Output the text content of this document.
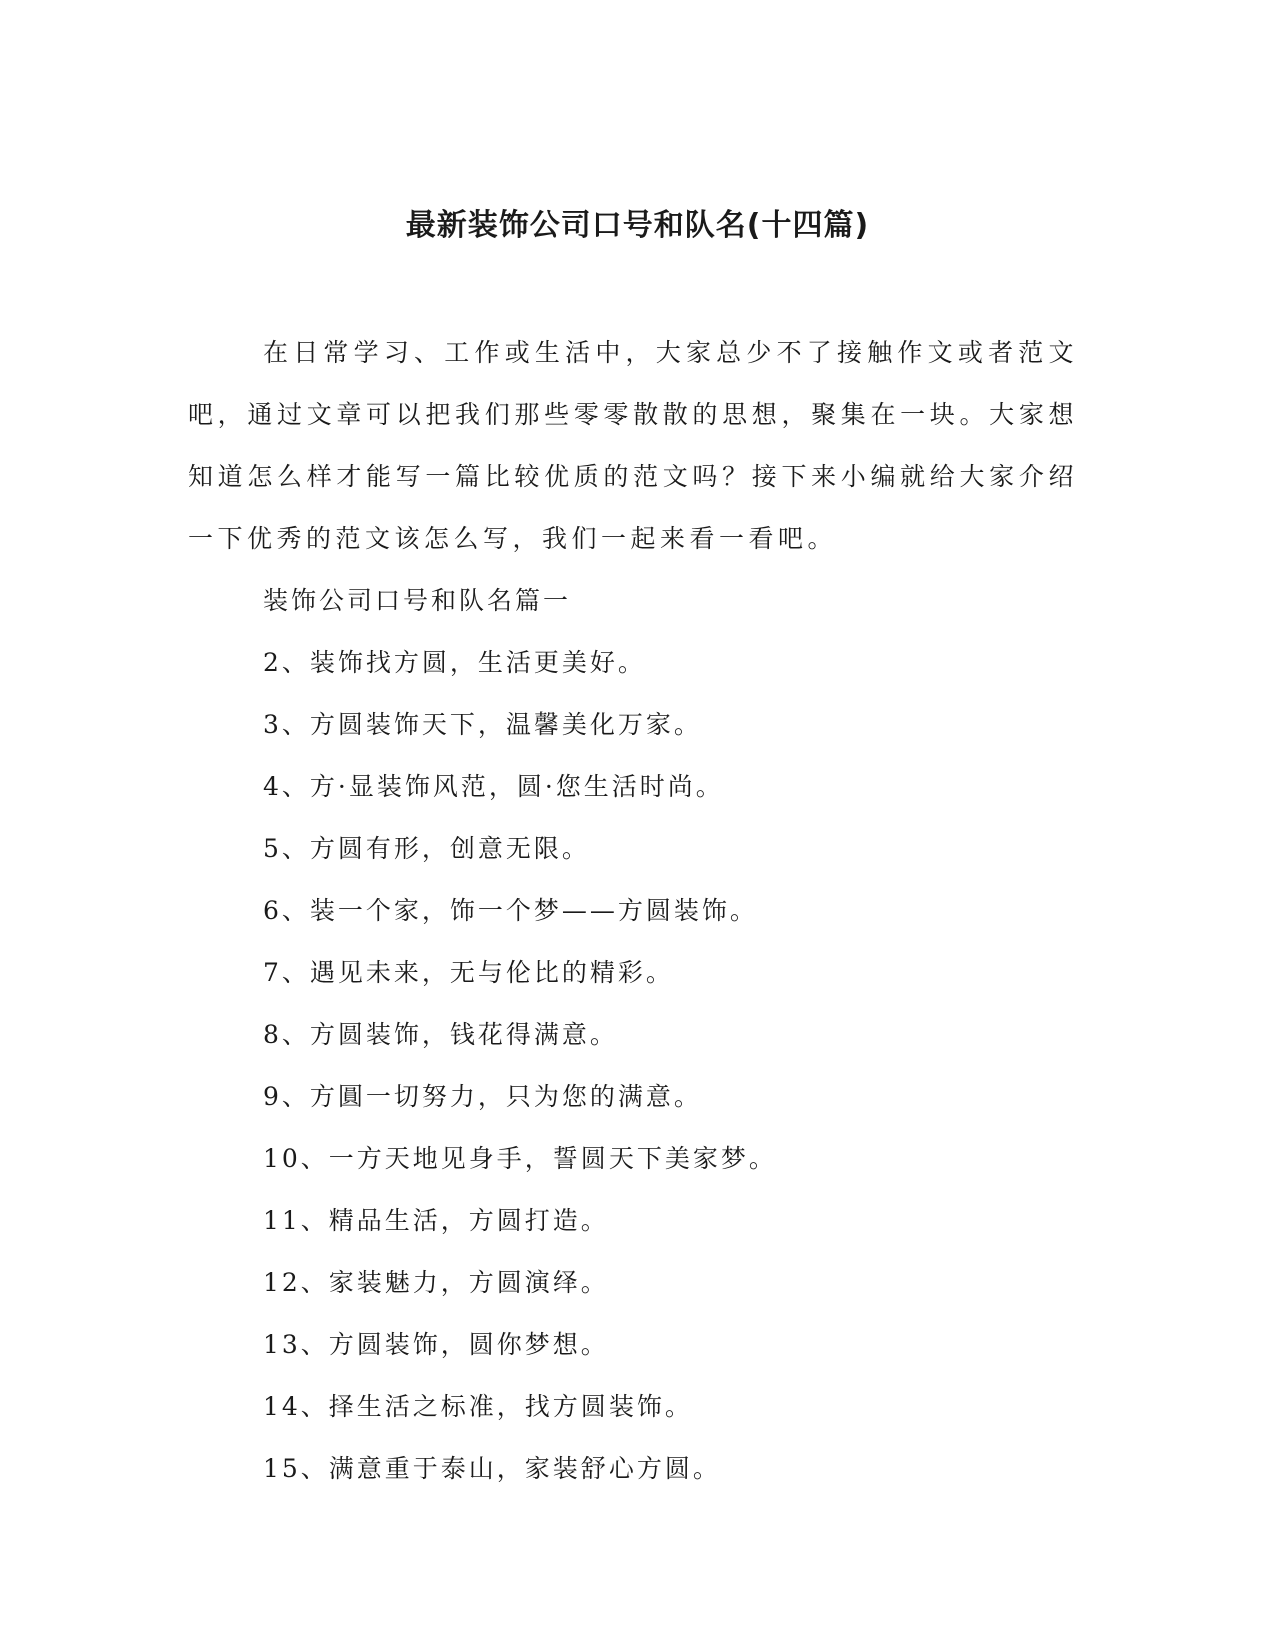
最新装饰公司口号和队名(十四篇)

在日常学习、工作或生活中，大家总少不了接触作文或者范文吧，通过文章可以把我们那些零零散散的思想，聚集在一块。大家想知道怎么样才能写一篇比较优质的范文吗？接下来小编就给大家介绍一下优秀的范文该怎么写，我们一起来看一看吧。

装饰公司口号和队名篇一

2、装饰找方圆，生活更美好。

3、方圆装饰天下，温馨美化万家。

4、方·显装饰风范，圆·您生活时尚。

5、方圆有形，创意无限。

6、装一个家，饰一个梦——方圆装饰。

7、遇见未来，无与伦比的精彩。

8、方圆装饰，钱花得满意。

9、方圓一切努力，只为您的满意。

10、一方天地见身手，誓圆天下美家梦。

11、精品生活，方圆打造。

12、家装魅力，方圆演绎。

13、方圆装饰，圆你梦想。

14、择生活之标准，找方圆装饰。

15、满意重于泰山，家装舒心方圆。
